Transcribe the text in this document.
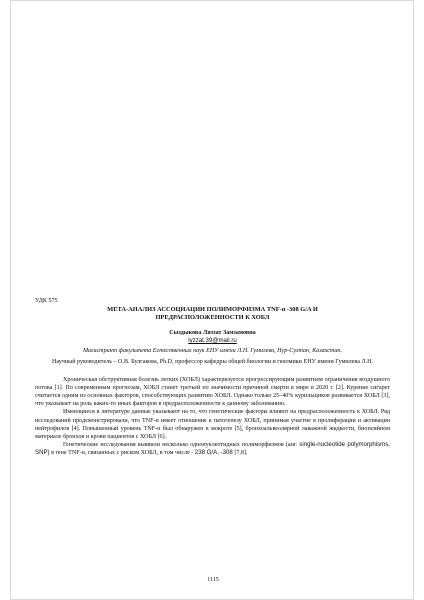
УДК 575

МЕТА-АНАЛИЗ АССОЦИАЦИИ ПОЛИМОРФИЗМА TNF-α -308 G/A И
ПРЕДРАСПОЛОЖЕННОСТИ К ХОБЛ

Сыздыкова Ляззат Замзамовна

lyzzat.39@mail.ru

Магистрант факультета Естественных наук ЕНУ имени Л.Н. Гумилева, Нур-Султан, Казахстан.

Научный руководитель – О.В. Булгакова, Ph.D, профессор кафедры общей биологии и геномики ЕНУ имени Гумилева Л.Н.

Хроническая обструктивная болезнь легких (ХОБЛ) характеризуется прогрессирующим развитием ограничения воздушного потока [1]. По современным прогнозам, ХОБЛ станет третьей по значимости причиной смерти в мире в 2020 г. [2]. Курение сигарет считается одним из основных факторов, способствующих развитию ХОБЛ. Однако только 25–40% курильщиков развивается ХОБЛ [3], что указывает на роль каких-то иных факторов в предрасположенности к данному заболеванию.

Имеющиеся в литературе данные указывают на то, что генетические факторы влияют на предрасположенность к ХОБЛ. Ряд исследований продемонстрировали, что TNF-α имеет отношение к патогенезу ХОБЛ, принимая участие в пролиферации и активации нейтрофилов [4]. Повышенный уровень TNF-α был обнаружен в мокроте [5], бронхоальвеолярной лаважной жидкости, биопсийном материале бронхов и крови пациентов с ХОБЛ [6].

Генетические исследования выявили несколько однонуклеотидных полиморфизмов (анг. single-nucleotide polymorphisms, SNP) в гене TNF-α, связанных с риском ХОБЛ, в том числе - 238 G/A, -308 [7,8].

1115
